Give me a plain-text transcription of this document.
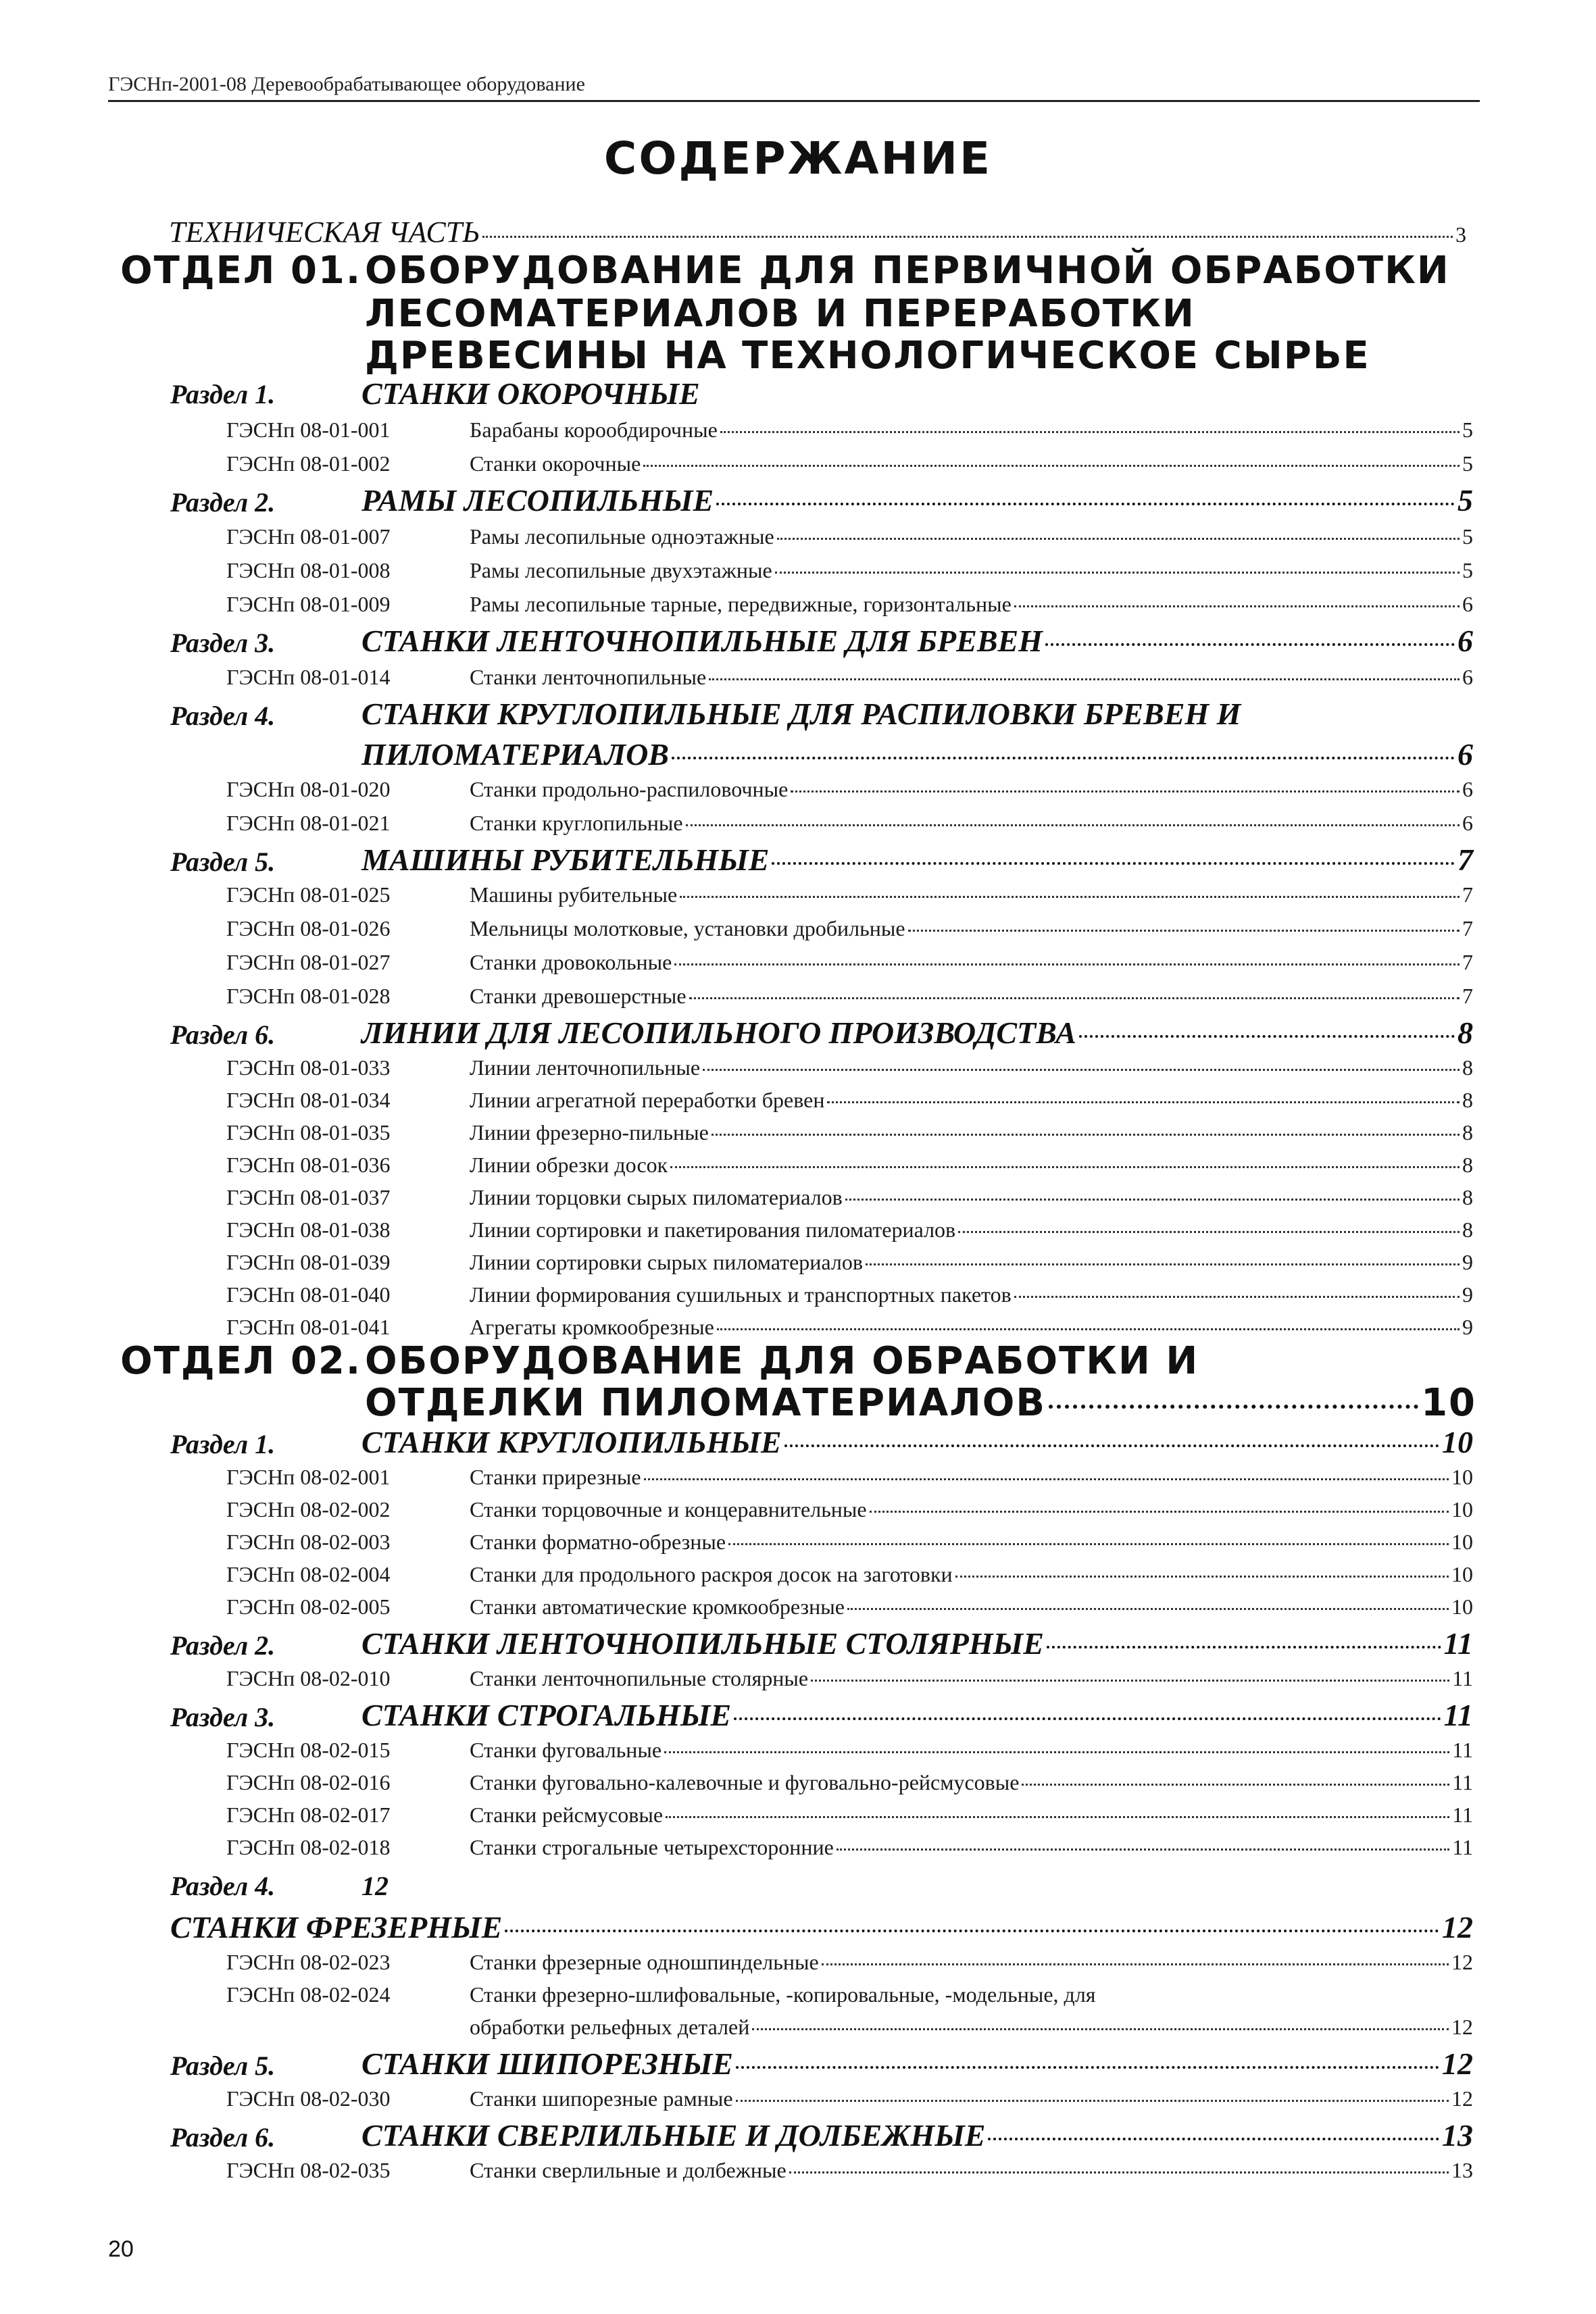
ГЭСНп-2001-08 Деревообрабатывающее оборудование
СОДЕРЖАНИЕ
ТЕХНИЧЕСКАЯ ЧАСТЬ	3
ОТДЕЛ 01. ОБОРУДОВАНИЕ ДЛЯ ПЕРВИЧНОЙ ОБРАБОТКИ
ЛЕСОМАТЕРИАЛОВ И ПЕРЕРАБОТКИ
ДРЕВЕСИНЫ НА ТЕХНОЛОГИЧЕСКОЕ СЫРЬЕ
Раздел 1.	СТАНКИ ОКОРОЧНЫЕ
ГЭСНп 08-01-001	Барабаны корообдирочные	5
ГЭСНп 08-01-002	Станки окорочные	5
Раздел 2.	РАМЫ ЛЕСОПИЛЬНЫЕ	5
ГЭСНп 08-01-007	Рамы лесопильные одноэтажные	5
ГЭСНп 08-01-008	Рамы лесопильные двухэтажные	5
ГЭСНп 08-01-009	Рамы лесопильные тарные, передвижные, горизонтальные	6
Раздел 3.	СТАНКИ ЛЕНТОЧНОПИЛЬНЫЕ ДЛЯ БРЕВЕН	6
ГЭСНп 08-01-014	Станки ленточнопильные	6
Раздел 4.	СТАНКИ КРУГЛОПИЛЬНЫЕ ДЛЯ РАСПИЛОВКИ БРЕВЕН И
ПИЛОМАТЕРИАЛОВ	6
ГЭСНп 08-01-020	Станки продольно-распиловочные	6
ГЭСНп 08-01-021	Станки круглопильные	6
Раздел 5.	МАШИНЫ РУБИТЕЛЬНЫЕ	7
ГЭСНп 08-01-025	Машины рубительные	7
ГЭСНп 08-01-026	Мельницы молотковые, установки дробильные	7
ГЭСНп 08-01-027	Станки дровокольные	7
ГЭСНп 08-01-028	Станки древошерстные	7
Раздел 6.	ЛИНИИ ДЛЯ ЛЕСОПИЛЬНОГО ПРОИЗВОДСТВА	8
ГЭСНп 08-01-033	Линии ленточнопильные	8
ГЭСНп 08-01-034	Линии агрегатной переработки бревен	8
ГЭСНп 08-01-035	Линии фрезерно-пильные	8
ГЭСНп 08-01-036	Линии обрезки досок	8
ГЭСНп 08-01-037	Линии торцовки сырых пиломатериалов	8
ГЭСНп 08-01-038	Линии сортировки и пакетирования пиломатериалов	8
ГЭСНп 08-01-039	Линии сортировки сырых пиломатериалов	9
ГЭСНп 08-01-040	Линии формирования сушильных и транспортных пакетов	9
ГЭСНп 08-01-041	Агрегаты кромкообрезные	9
ОТДЕЛ 02. ОБОРУДОВАНИЕ ДЛЯ ОБРАБОТКИ И
ОТДЕЛКИ ПИЛОМАТЕРИАЛОВ	10
Раздел 1.	СТАНКИ КРУГЛОПИЛЬНЫЕ	10
ГЭСНп 08-02-001	Станки прирезные	10
ГЭСНп 08-02-002	Станки торцовочные и концеравнительные	10
ГЭСНп 08-02-003	Станки форматно-обрезные	10
ГЭСНп 08-02-004	Станки для продольного раскроя досок на заготовки	10
ГЭСНп 08-02-005	Станки автоматические кромкообрезные	10
Раздел 2.	СТАНКИ ЛЕНТОЧНОПИЛЬНЫЕ СТОЛЯРНЫЕ	11
ГЭСНп 08-02-010	Станки ленточнопильные столярные	11
Раздел 3.	СТАНКИ СТРОГАЛЬНЫЕ	11
ГЭСНп 08-02-015	Станки фуговальные	11
ГЭСНп 08-02-016	Станки фуговально-калевочные и фуговально-рейсмусовые	11
ГЭСНп 08-02-017	Станки рейсмусовые	11
ГЭСНп 08-02-018	Станки строгальные четырехсторонние	11
Раздел 4.	12
СТАНКИ ФРЕЗЕРНЫЕ	12
ГЭСНп 08-02-023	Станки фрезерные одношпиндельные	12
ГЭСНп 08-02-024	Станки фрезерно-шлифовальные, -копировальные, -модельные, для
обработки рельефных деталей	12
Раздел 5.	СТАНКИ ШИПОРЕЗНЫЕ	12
ГЭСНп 08-02-030	Станки шипорезные рамные	12
Раздел 6.	СТАНКИ СВЕРЛИЛЬНЫЕ И ДОЛБЕЖНЫЕ	13
ГЭСНп 08-02-035	Станки сверлильные и долбежные	13
20
